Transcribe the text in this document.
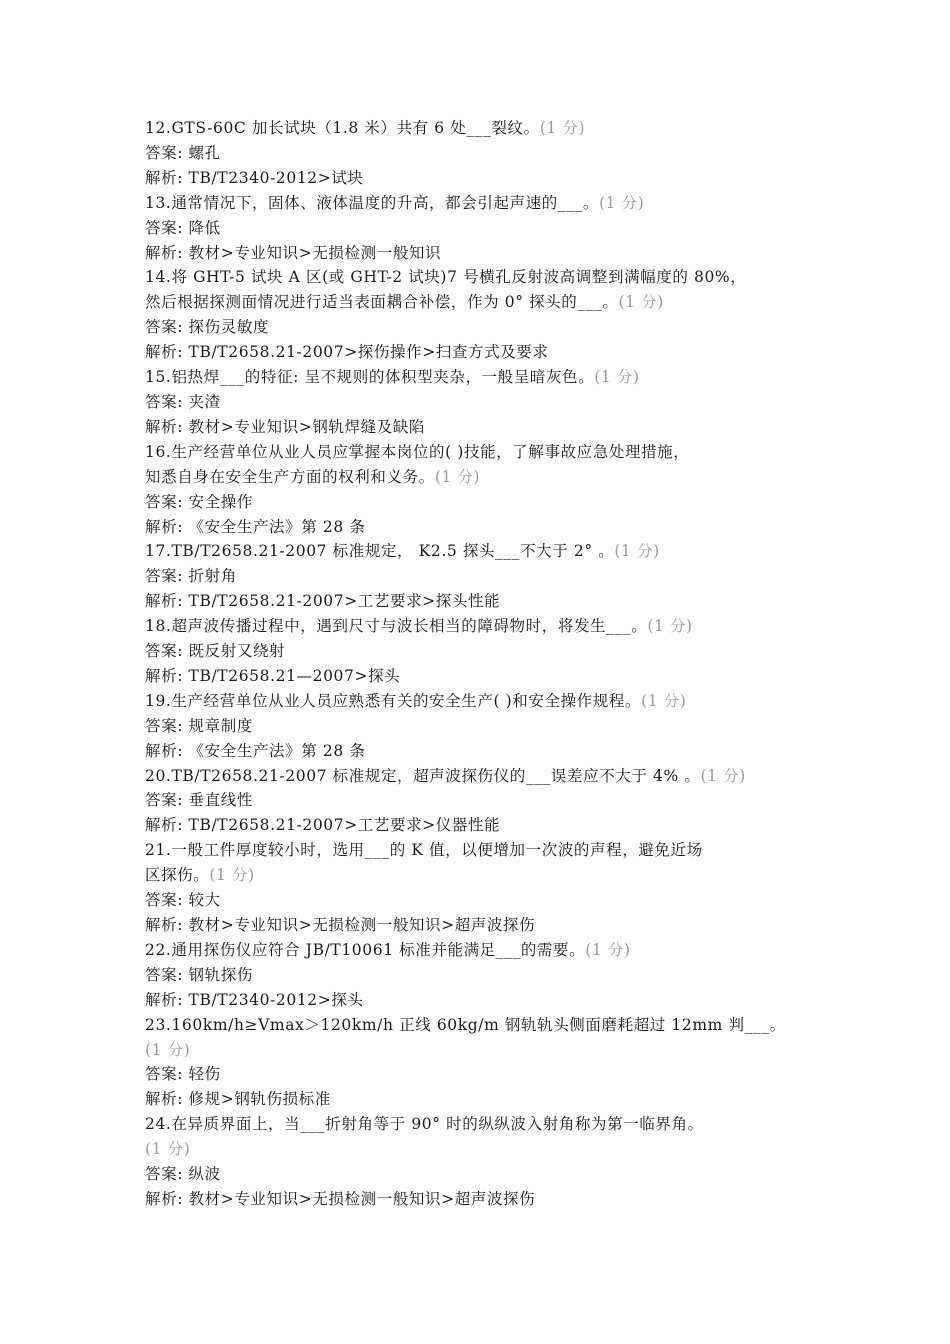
12.GTS-60C 加长试块（1.8 米）共有 6 处___裂纹。(1 分)
答案: 螺孔
解析: TB/T2340-2012>试块
13.通常情况下，固体、液体温度的升高，都会引起声速的___。(1 分)
答案: 降低
解析: 教材>专业知识>无损检测一般知识
14.将 GHT-5 试块 A 区(或 GHT-2 试块)7 号横孔反射波高调整到满幅度的 80%，
然后根据探测面情况进行适当表面耦合补偿，作为 0° 探头的___。(1 分)
答案: 探伤灵敏度
解析: TB/T2658.21-2007>探伤操作>扫查方式及要求
15.铝热焊___的特征: 呈不规则的体积型夹杂，一般呈暗灰色。(1 分)
答案: 夹渣
解析: 教材>专业知识>钢轨焊缝及缺陷
16.生产经营单位从业人员应掌握本岗位的( )技能，了解事故应急处理措施，
知悉自身在安全生产方面的权利和义务。(1 分)
答案: 安全操作
解析: 《安全生产法》第 28 条
17.TB/T2658.21-2007 标准规定， K2.5 探头___不大于 2° 。(1 分)
答案: 折射角
解析: TB/T2658.21-2007>工艺要求>探头性能
18.超声波传播过程中，遇到尺寸与波长相当的障碍物时，将发生___。(1 分)
答案: 既反射又绕射
解析: TB/T2658.21—2007>探头
19.生产经营单位从业人员应熟悉有关的安全生产( )和安全操作规程。(1 分)
答案: 规章制度
解析: 《安全生产法》第 28 条
20.TB/T2658.21-2007 标准规定，超声波探伤仪的___误差应不大于 4% 。(1 分)
答案: 垂直线性
解析: TB/T2658.21-2007>工艺要求>仪器性能
21.一般工件厚度较小时，选用___的 K 值，以便增加一次波的声程，避免近场
区探伤。(1 分)
答案: 较大
解析: 教材>专业知识>无损检测一般知识>超声波探伤
22.通用探伤仪应符合 JB/T10061 标准并能满足___的需要。(1 分)
答案: 钢轨探伤
解析: TB/T2340-2012>探头
23.160km/h≥Vmax＞120km/h 正线 60kg/m 钢轨轨头侧面磨耗超过 12mm 判___。
(1 分)
答案: 轻伤
解析: 修规>钢轨伤损标准
24.在异质界面上，当___折射角等于 90° 时的纵纵波入射角称为第一临界角。
(1 分)
答案: 纵波
解析: 教材>专业知识>无损检测一般知识>超声波探伤
